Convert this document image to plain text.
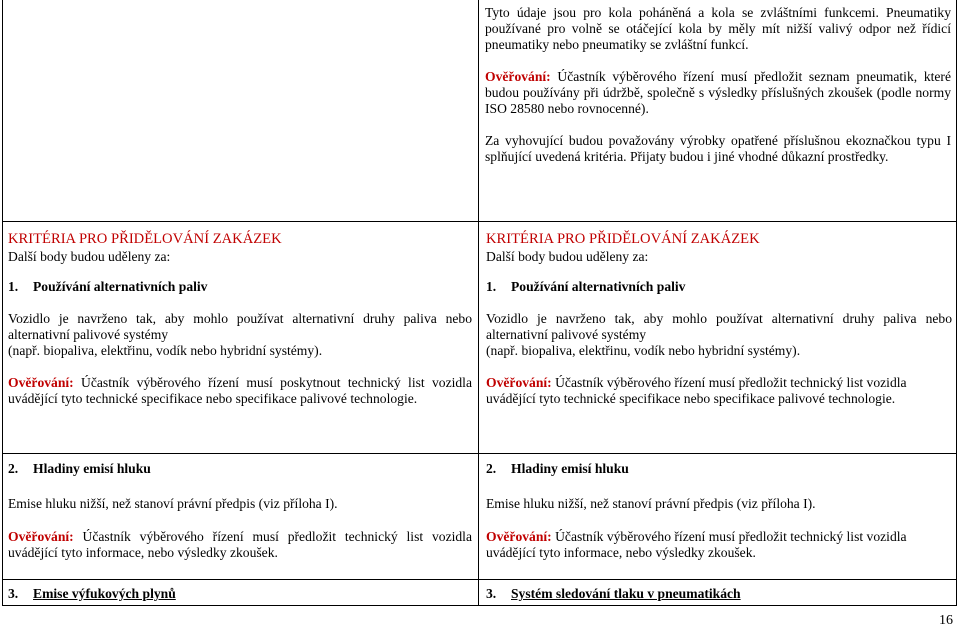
Tyto údaje jsou pro kola poháněná a kola se zvláštními funkcemi. Pneumatiky používané pro volně se otáčející kola by měly mít nižší valivý odpor než řídicí pneumatiky nebo pneumatiky se zvláštní funkcí.

Ověřování: Účastník výběrového řízení musí předložit seznam pneumatik, které budou používány při údržbě, společně s výsledky příslušných zkoušek (podle normy ISO 28580 nebo rovnocenné).

Za vyhovující budou považovány výrobky opatřené příslušnou ekoznačkou typu I splňující uvedená kritéria. Přijaty budou i jiné vhodné důkazní prostředky.

KRITÉRIA PRO PŘIDĚLOVÁNÍ ZAKÁZEK

Další body budou uděleny za:

1. Používání alternativních paliv

Vozidlo je navrženo tak, aby mohlo používat alternativní druhy paliva nebo alternativní palivové systémy
(např. biopaliva, elektřinu, vodík nebo hybridní systémy).

Ověřování: Účastník výběrového řízení musí poskytnout technický list vozidla uvádějící tyto technické specifikace nebo specifikace palivové technologie.

2. Hladiny emisí hluku

Emise hluku nižší, než stanoví právní předpis (viz příloha I).

Ověřování: Účastník výběrového řízení musí předložit technický list vozidla uvádějící tyto informace, nebo výsledky zkoušek.

3. Emise výfukových plynů

KRITÉRIA PRO PŘIDĚLOVÁNÍ ZAKÁZEK

Další body budou uděleny za:

1. Používání alternativních paliv

Vozidlo je navrženo tak, aby mohlo používat alternativní druhy paliva nebo alternativní palivové systémy
(např. biopaliva, elektřinu, vodík nebo hybridní systémy).

Ověřování: Účastník výběrového řízení musí předložit technický list vozidla uvádějící tyto technické specifikace nebo specifikace palivové technologie.

2. Hladiny emisí hluku

Emise hluku nižší, než stanoví právní předpis (viz příloha I).

Ověřování: Účastník výběrového řízení musí předložit technický list vozidla uvádějící tyto informace, nebo výsledky zkoušek.

3. Systém sledování tlaku v pneumatikách

16
